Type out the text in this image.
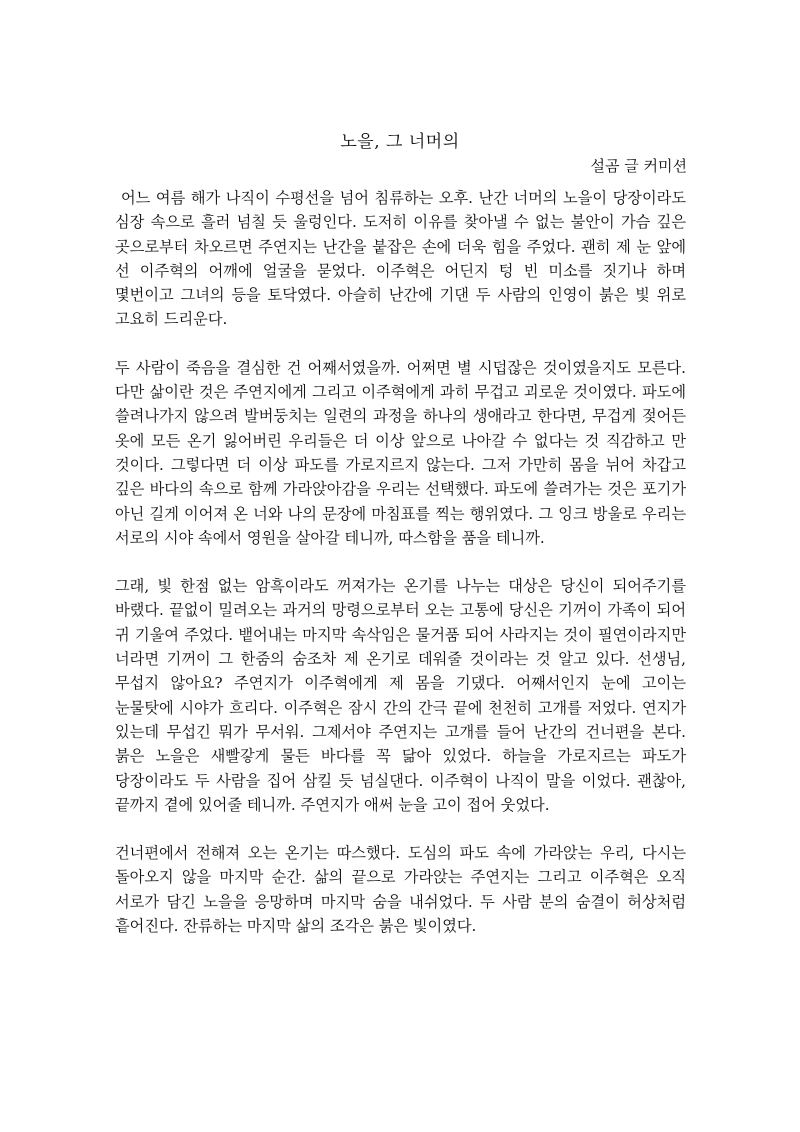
노을, 그 너머의
설곰 글 커미션

어느 여름 해가 나직이 수평선을 넘어 침류하는 오후. 난간 너머의 노을이 당장이라도 심장 속으로 흘러 넘칠 듯 울렁인다. 도저히 이유를 찾아낼 수 없는 불안이 가슴 깊은 곳으로부터 차오르면 주연지는 난간을 붙잡은 손에 더욱 힘을 주었다. 괜히 제 눈 앞에 선 이주혁의 어깨에 얼굴을 묻었다. 이주혁은 어딘지 텅 빈 미소를 짓기나 하며 몇번이고 그녀의 등을 토닥였다. 아슬히 난간에 기댄 두 사람의 인영이 붉은 빛 위로 고요히 드리운다.

두 사람이 죽음을 결심한 건 어째서였을까. 어쩌면 별 시덥잖은 것이였을지도 모른다. 다만 삶이란 것은 주연지에게 그리고 이주혁에게 과히 무겁고 괴로운 것이였다. 파도에 쓸려나가지 않으려 발버둥치는 일련의 과정을 하나의 생애라고 한다면, 무겁게 젖어든 옷에 모든 온기 잃어버린 우리들은 더 이상 앞으로 나아갈 수 없다는 것 직감하고 만 것이다. 그렇다면 더 이상 파도를 가로지르지 않는다. 그저 가만히 몸을 뉘어 차갑고 깊은 바다의 속으로 함께 가라앉아감을 우리는 선택했다. 파도에 쓸려가는 것은 포기가 아닌 길게 이어져 온 너와 나의 문장에 마침표를 찍는 행위였다. 그 잉크 방울로 우리는 서로의 시야 속에서 영원을 살아갈 테니까, 따스함을 품을 테니까.

그래, 빛 한점 없는 암흑이라도 꺼져가는 온기를 나누는 대상은 당신이 되어주기를 바랬다. 끝없이 밀려오는 과거의 망령으로부터 오는 고통에 당신은 기꺼이 가족이 되어 귀 기울여 주었다. 뱉어내는 마지막 속삭임은 물거품 되어 사라지는 것이 필연이라지만 너라면 기꺼이 그 한줌의 숨조차 제 온기로 데워줄 것이라는 것 알고 있다. 선생님, 무섭지 않아요? 주연지가 이주혁에게 제 몸을 기댔다. 어째서인지 눈에 고이는 눈물탓에 시야가 흐리다. 이주혁은 잠시 간의 간극 끝에 천천히 고개를 저었다. 연지가 있는데 무섭긴 뭐가 무서워. 그제서야 주연지는 고개를 들어 난간의 건너편을 본다. 붉은 노을은 새빨갛게 물든 바다를 꼭 닮아 있었다. 하늘을 가로지르는 파도가 당장이라도 두 사람을 집어 삼킬 듯 넘실댄다. 이주혁이 나직이 말을 이었다. 괜찮아, 끝까지 곁에 있어줄 테니까. 주연지가 애써 눈을 고이 접어 웃었다.

건너편에서 전해져 오는 온기는 따스했다. 도심의 파도 속에 가라앉는 우리, 다시는 돌아오지 않을 마지막 순간. 삶의 끝으로 가라앉는 주연지는 그리고 이주혁은 오직 서로가 담긴 노을을 응망하며 마지막 숨을 내쉬었다. 두 사람 분의 숨결이 허상처럼 흩어진다. 잔류하는 마지막 삶의 조각은 붉은 빛이였다.
